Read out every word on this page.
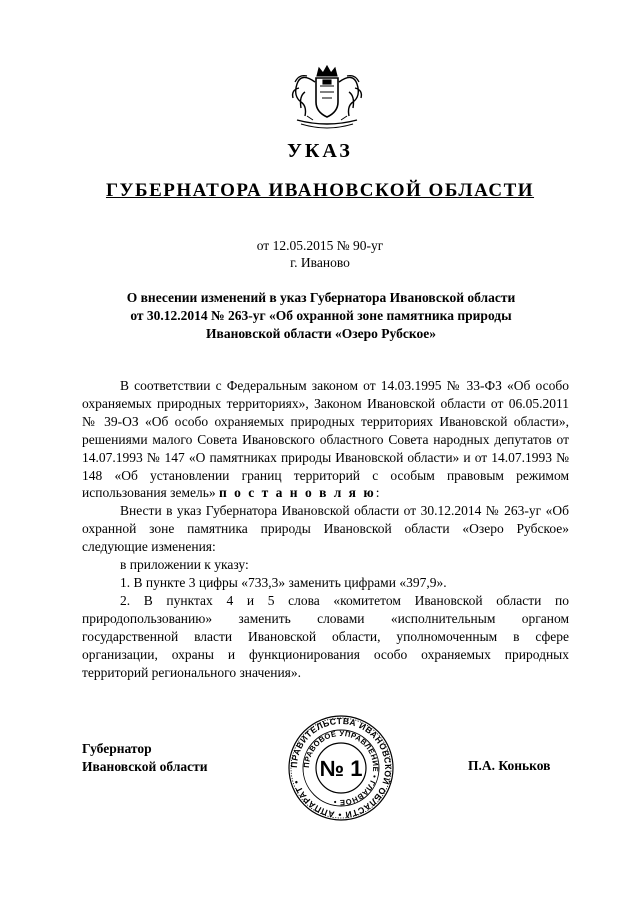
УКАЗ
ГУБЕРНАТОРА ИВАНОВСКОЙ ОБЛАСТИ
от 12.05.2015 № 90-уг
г. Иваново
О внесении изменений в указ Губернатора Ивановской области
от 30.12.2014 № 263-уг «Об охранной зоне памятника природы
Ивановской области «Озеро Рубское»

В соответствии с Федеральным законом от 14.03.1995 № 33-ФЗ «Об особо охраняемых природных территориях», Законом Ивановской области от 06.05.2011 № 39-ОЗ «Об особо охраняемых природных территориях Ивановской области», решениями малого Совета Ивановского областного Совета народных депутатов от 14.07.1993 № 147 «О памятниках природы Ивановской области» и от 14.07.1993 № 148 «Об установлении границ территорий с особым правовым режимом использования земель» п о с т а н о в л я ю:

Внести в указ Губернатора Ивановской области от 30.12.2014 № 263-уг «Об охранной зоне памятника природы Ивановской области «Озеро Рубское» следующие изменения:

в приложении к указу:

1. В пункте 3 цифры «733,3» заменить цифрами «397,9».

2. В пунктах 4 и 5 слова «комитетом Ивановской области по природопользованию» заменить словами «исполнительным органом государственной власти Ивановской области, уполномоченным в сфере организации, охраны и функционирования особо охраняемых природных территорий регионального значения».

Губернатор
Ивановской области	ПРАВИТЕЛЬСТВА ИВАНОВСКОЙ ОБЛАСТИ • АППАРАТ •
ПРАВОВОЕ УПРАВЛЕНИЕ • ГЛАВНОЕ •
№ 1	П.А. Коньков
